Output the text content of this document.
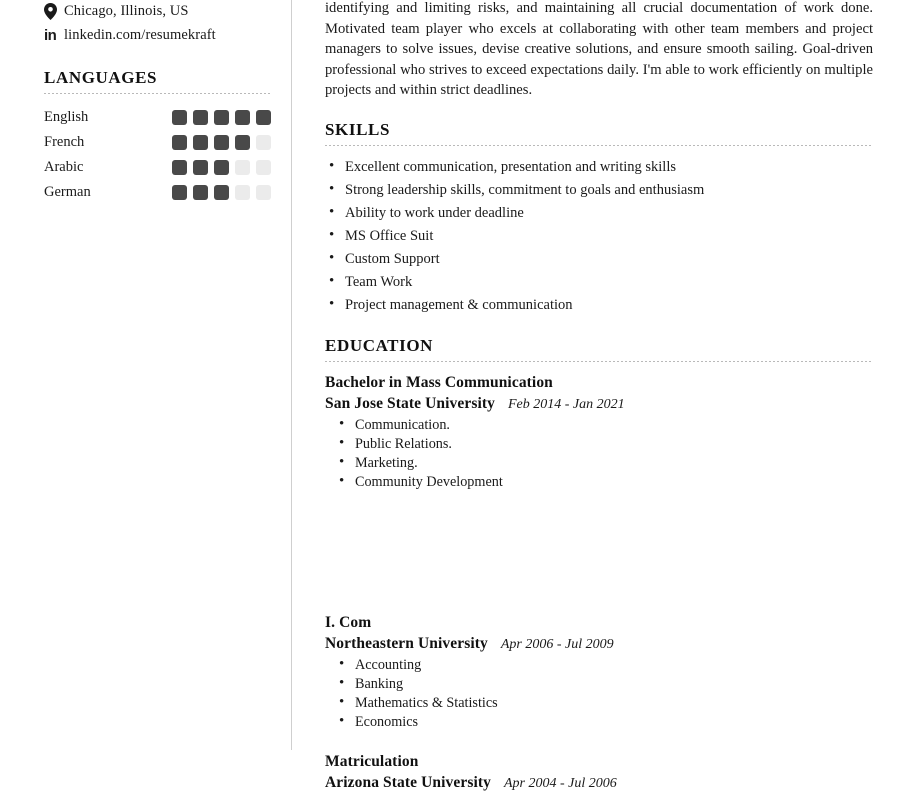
Chicago, Illinois, US
in linkedin.com/resumekraft
LANGUAGES
English
French
Arabic
German

identifying and limiting risks, and maintaining all crucial documentation of work done. Motivated team player who excels at collaborating with other team members and project managers to solve issues, devise creative solutions, and ensure smooth sailing. Goal-driven professional who strives to exceed expectations daily. I'm able to work efficiently on multiple projects and within strict deadlines.

SKILLS
• Excellent communication, presentation and writing skills
• Strong leadership skills, commitment to goals and enthusiasm
• Ability to work under deadline
• MS Office Suit
• Custom Support
• Team Work
• Project management & communication
EDUCATION
Bachelor in Mass Communication
San Jose State University Feb 2014 - Jan 2021
• Communication.
• Public Relations.
• Marketing.
• Community Development
I. Com
Northeastern University Apr 2006 - Jul 2009
• Accounting
• Banking
• Mathematics & Statistics
• Economics
Matriculation
Arizona State University Apr 2004 - Jul 2006
